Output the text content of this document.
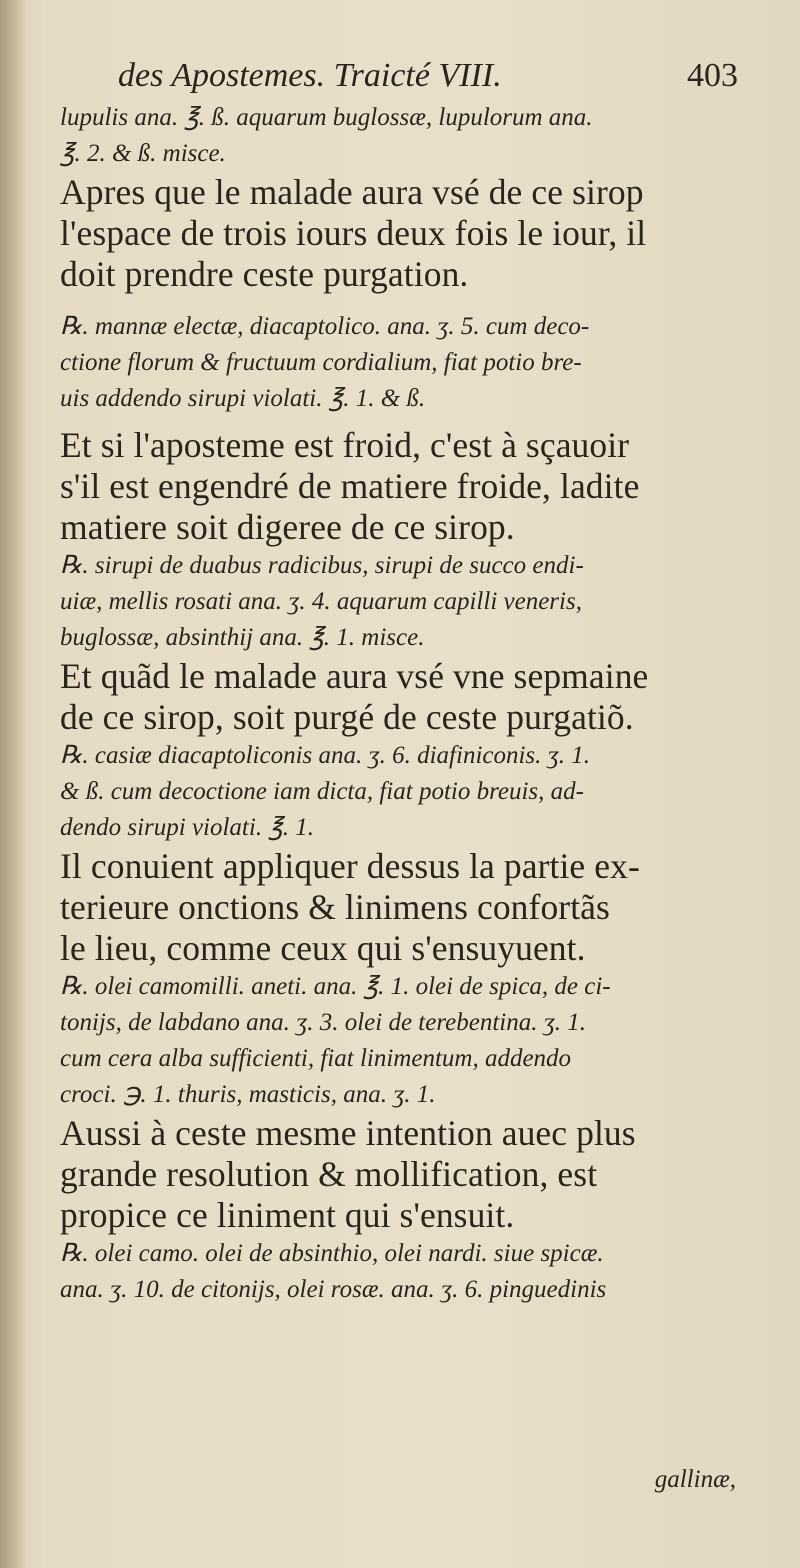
des Apostemes. Traicté VIII.	403

lupulis ana. ℥. ß. aquarum buglossæ, lupulorum ana.

℥. 2. & ß. misce.

Apres que le malade aura vsé de ce sirop

l'espace de trois iours deux fois le iour, il

doit prendre ceste purgation.

℞. mannæ electæ, diacaptolico. ana. ʒ. 5. cum deco-

ctione florum & fructuum cordialium, fiat potio bre-

uis addendo sirupi violati. ℥. 1. & ß.

Et si l'aposteme est froid, c'est à sçauoir

s'il est engendré de matiere froide, ladite

matiere soit digeree de ce sirop.

℞. sirupi de duabus radicibus, sirupi de succo endi-

uiæ, mellis rosati ana. ʒ. 4. aquarum capilli veneris,

buglossæ, absinthij ana. ℥. 1. misce.

Et quãd le malade aura vsé vne sepmaine

de ce sirop, soit purgé de ceste purgatiõ.

℞. casiæ diacaptoliconis ana. ʒ. 6. diafiniconis. ʒ. 1.

& ß. cum decoctione iam dicta, fiat potio breuis, ad-

dendo sirupi violati. ℥. 1.

Il conuient appliquer dessus la partie ex-

terieure onctions & linimens confortãs

le lieu, comme ceux qui s'ensuyuent.

℞. olei camomilli. aneti. ana. ℥. 1. olei de spica, de ci-

tonijs, de labdano ana. ʒ. 3. olei de terebentina. ʒ. 1.

cum cera alba sufficienti, fiat linimentum, addendo

croci. ℈. 1. thuris, masticis, ana. ʒ. 1.

Aussi à ceste mesme intention auec plus

grande resolution & mollification, est

propice ce liniment qui s'ensuit.

℞. olei camo. olei de absinthio, olei nardi. siue spicæ.

ana. ʒ. 10. de citonijs, olei rosæ. ana. ʒ. 6. pinguedinis

gallinæ,
